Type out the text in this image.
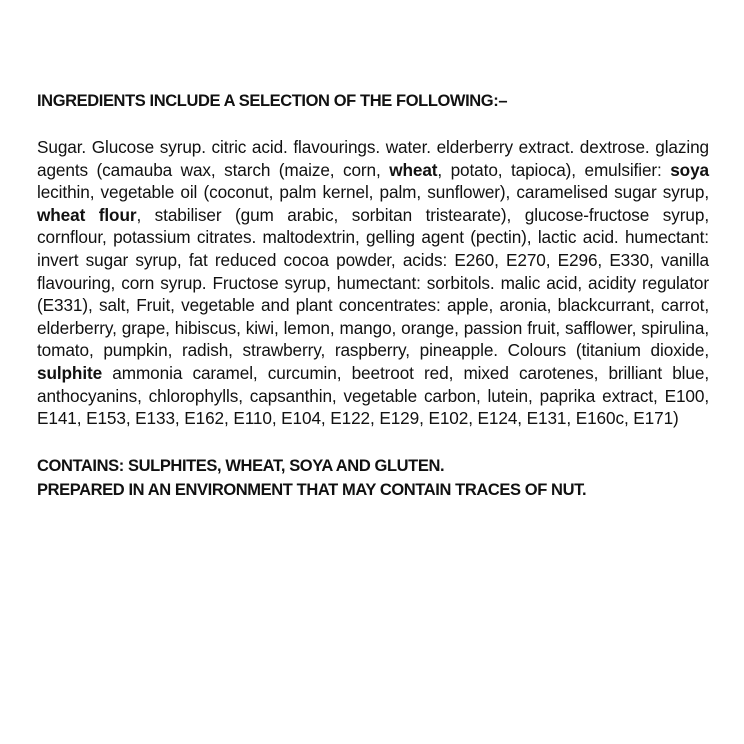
INGREDIENTS INCLUDE A SELECTION OF THE FOLLOWING:–

Sugar. Glucose syrup. citric acid. flavourings. water. elderberry extract. dextrose. glazing agents (camauba wax, starch (maize, corn, wheat, potato, tapioca), emulsifier: soya lecithin, vegetable oil (coconut, palm kernel, palm, sunflower), caramelised sugar syrup, wheat flour, stabiliser (gum arabic, sorbitan tristearate), glucose-fructose syrup, cornflour, potassium citrates. maltodextrin, gelling agent (pectin), lactic acid. humectant: invert sugar syrup, fat reduced cocoa powder, acids: E260, E270, E296, E330, vanilla flavouring, corn syrup. Fructose syrup, humectant: sorbitols. malic acid, acidity regulator (E331), salt, Fruit, vegetable and plant concentrates: apple, aronia, blackcurrant, carrot, elderberry, grape, hibiscus, kiwi, lemon, mango, orange, passion fruit, safflower, spirulina, tomato, pumpkin, radish, strawberry, raspberry, pineapple. Colours (titanium dioxide, sulphite ammonia caramel, curcumin, beetroot red, mixed carotenes, brilliant blue, anthocyanins, chlorophylls, capsanthin, vegetable carbon, lutein, paprika extract, E100, E141, E153, E133, E162, E110, E104, E122, E129, E102, E124, E131, E160c, E171)
CONTAINS: SULPHITES, WHEAT, SOYA AND GLUTEN.
PREPARED IN AN ENVIRONMENT THAT MAY CONTAIN TRACES OF NUT.
